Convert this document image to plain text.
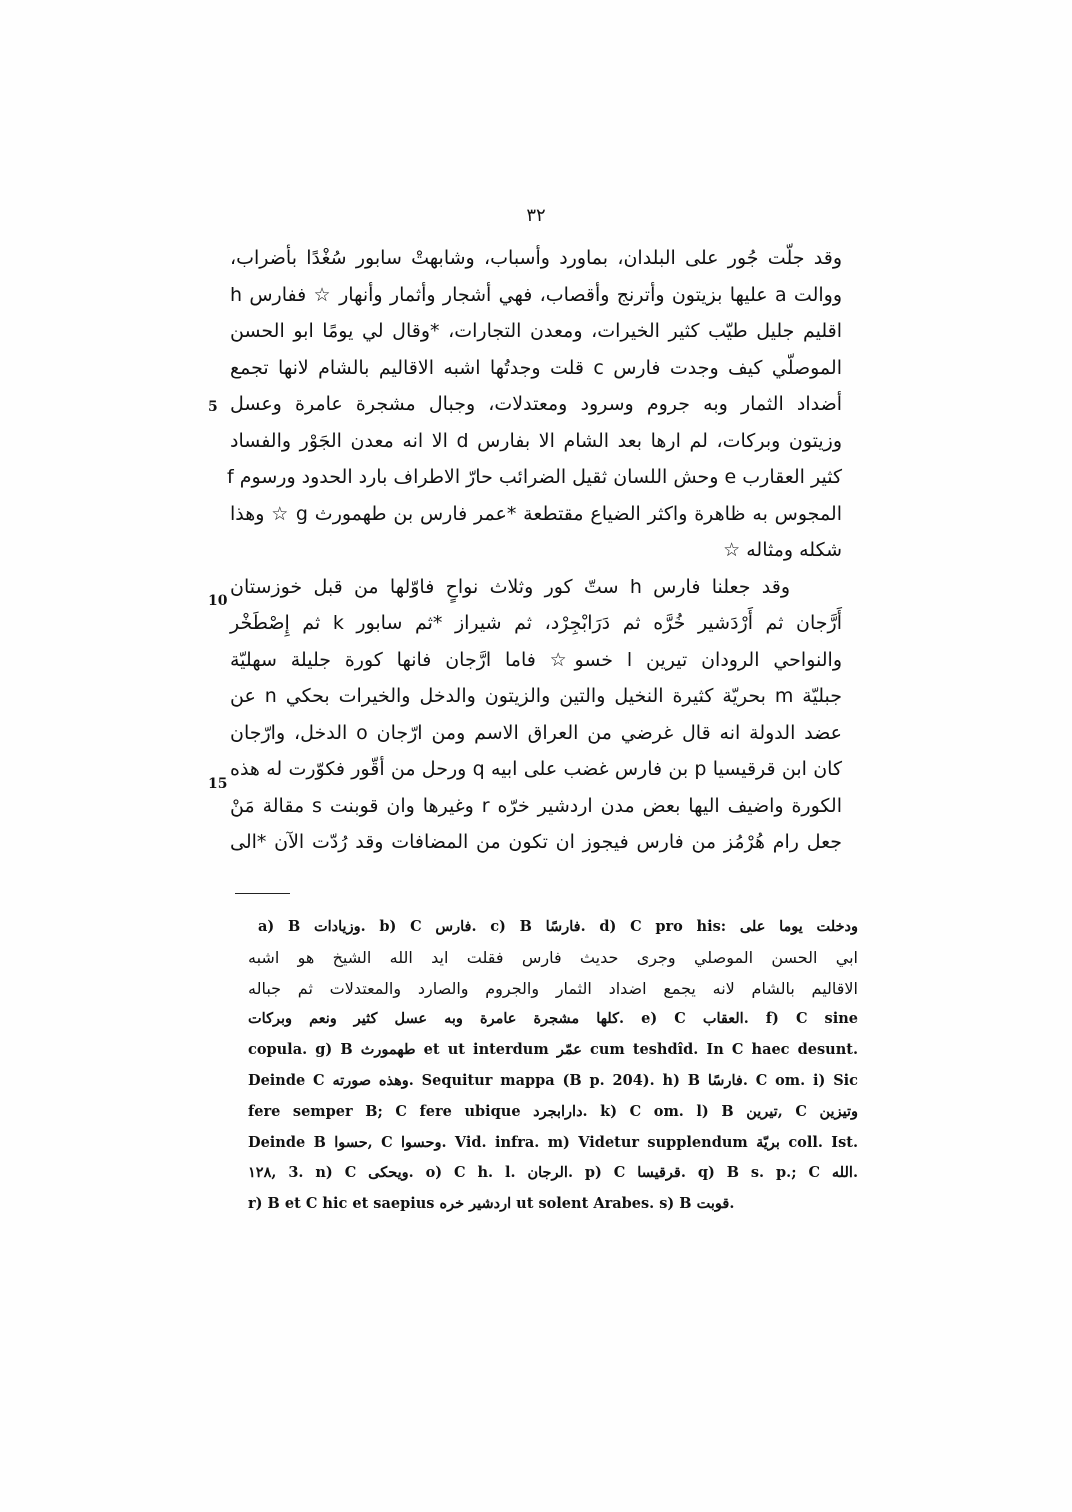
٣٢
وقد جلّت جُور على البلدان، بماورد وأسباب، وشابهتْ سابور سُغْدًا بأضراب،
ووالت a عليها بزيتون وأترنج وأقصاب، فهي أشجار وأثمار وأنهار ☆ ففارس h
اقليم جليل طيّب كثير الخيرات، ومعدن التجارات، *وقال لي يومًا ابو الحسن
الموصلّي كيف وجدت فارس c قلت وجدتُها اشبه الاقاليم بالشام لانها تجمع
أضداد الثمار وبه جروم وسرود ومعتدلات، وجبال مشجرة عامرة وعسل
وزيتون وبركات، لم ارها بعد الشام الا بفارس d الا انه معدن الجَوْر والفساد
كثير العقارب e وحش اللسان ثقيل الضرائب حارّ الاطراف بارد الحدود ورسوم f
المجوس به ظاهرة واكثر الضياع مقتطعة *عمر فارس بن طهمورث g ☆ وهذا
شكله ومثاله ☆
وقد جعلنا فارس h ستّ كور وثلاث نواحٍ فاوّلها من قبل خوزستان
أَرَّجان ثم أَرْدَشير خُرَّه ثم دَرَابْجِرْد، ثم شيراز *ثم سابور k ثم إِصْطَخْر
والنواحي الرودان تيرين l خسو☆ فاما ارَّجان فانها كورة جليلة سهليّة
جبليّة m بحريّة كثيرة النخيل والتين والزيتون والدخل والخيرات بحكي n عن
عضد الدولة انه قال غرضي من العراق الاسم ومن ارّجان o الدخل، وارّجان
كان ابن قرقيسيا p بن فارس غضب على ابيه q ورحل من أقّور فكوّرت له هذه
الكورة واضيف اليها بعض مدن اردشير خرّه r وغيرها وان قوبنت s مقالة مَنْ
جعل رام هُرْمُز من فارس فيجوز ان تكون من المضافات وقد رُدّت الآن *الى
5
10
15
a) B وزيادات. b) C فارس. c) B فارسًا. d) C pro his: ودخلت يوما على
ابي الحسن الموصلي وجرى حديث فارس فقلت ايد الله الشيخ هو اشبه
الاقاليم بالشام لانه يجمع اضداد الثمار والجروم والصارد والمعتدلات ثم جباله
كلها مشجرة عامرة وبه عسل كثير ونعم وبركات. e) C العقاب. f) C sine
copula. g) B طهمورث et ut interdum عمّر cum teshdîd. In C haec desunt.
Deinde C وهذه صورته. Sequitur mappa (B p. 204). h) B فارسًا. C om. i) Sic
fere semper B; C fere ubique دارابجرد. k) C om. l) B تيرين, C وتيزين
Deinde B حسوا, C وحسوا. Vid. infra. m) Videtur supplendum بريّة coll. Ist.
١٢٨, 3. n) C ويحكى. o) C h. l. الرجان. p) C قرقيسا. q) B s. p.; C الله.
r) B et C hic et saepius اردشير خره ut solent Arabes. s) B قوبت.
